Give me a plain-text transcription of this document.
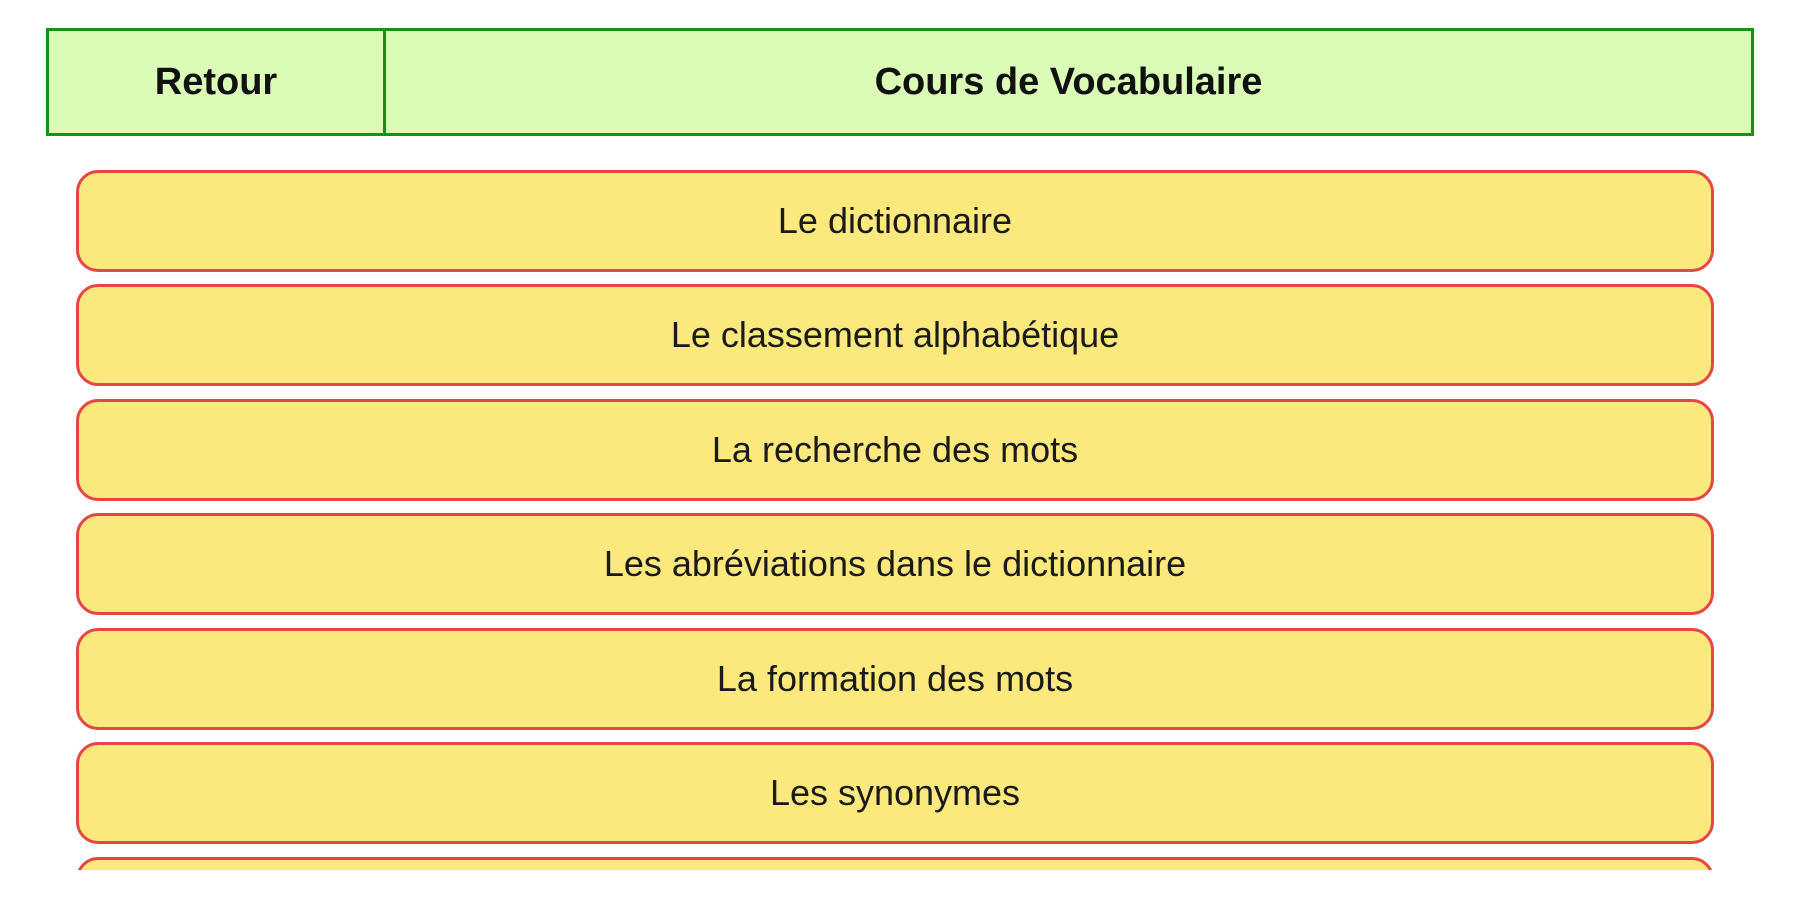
Retour	Cours de Vocabulaire
Le dictionnaire
Le classement alphabétique
La recherche des mots
Les abréviations dans le dictionnaire
La formation des mots
Les synonymes
